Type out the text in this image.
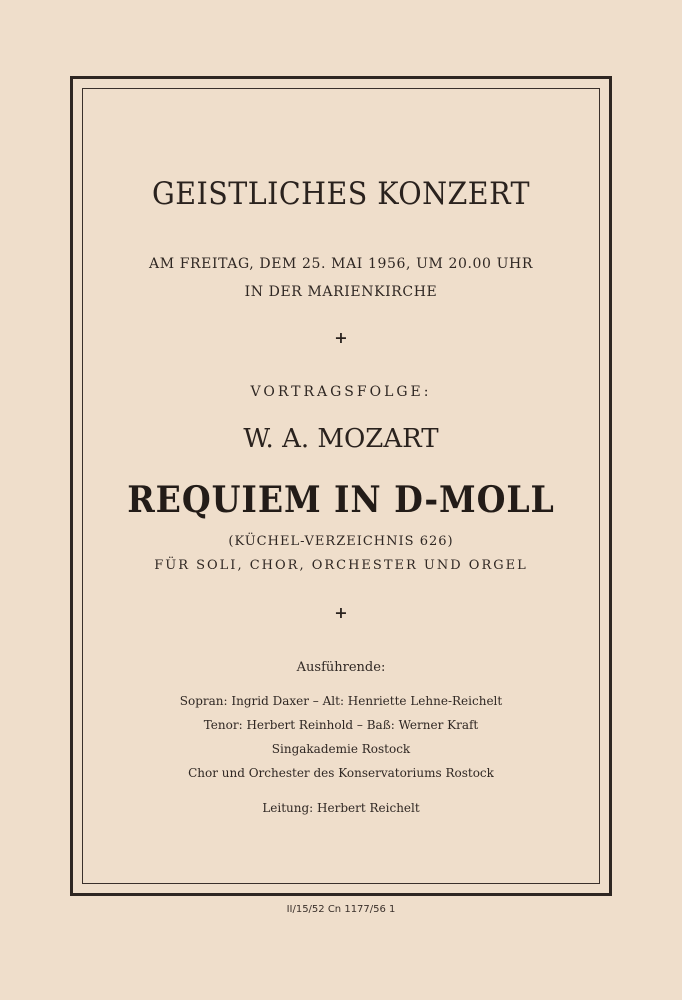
GEISTLICHES KONZERT
AM FREITAG, DEM 25. MAI 1956, UM 20.00 UHR
IN DER MARIENKIRCHE
+
VORTRAGSFOLGE:
W. A. MOZART
REQUIEM IN D-MOLL
(KÜCHEL-VERZEICHNIS 626)
FÜR SOLI, CHOR, ORCHESTER UND ORGEL
+
Ausführende:
Sopran: Ingrid Daxer – Alt: Henriette Lehne-Reichelt
Tenor: Herbert Reinhold – Baß: Werner Kraft
Singakademie Rostock
Chor und Orchester des Konservatoriums Rostock
Leitung: Herbert Reichelt
II/15/52 Cn 1177/56 1
